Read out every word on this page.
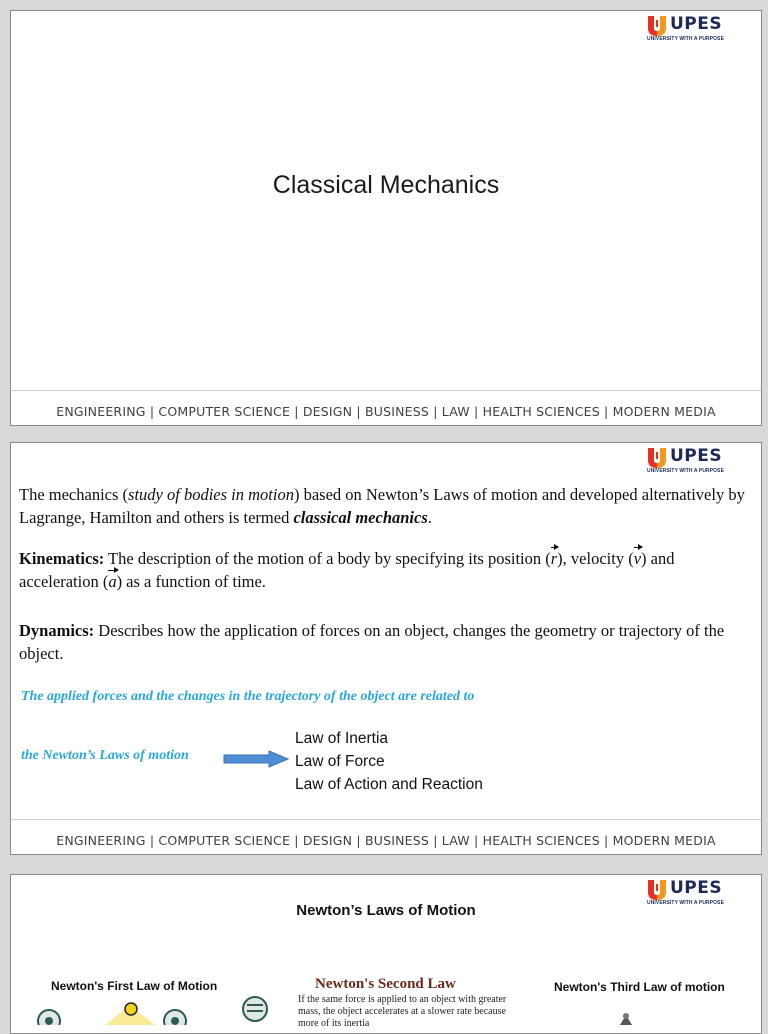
UPES
UNIVERSITY WITH A PURPOSE
Classical Mechanics
ENGINEERING | COMPUTER SCIENCE | DESIGN | BUSINESS | LAW | HEALTH SCIENCES | MODERN MEDIA
UPES
UNIVERSITY WITH A PURPOSE
The mechanics (study of bodies in motion) based on Newton’s Laws of motion and developed alternatively by Lagrange, Hamilton and others is termed classical mechanics.
Kinematics: The description of the motion of a body by specifying its position (r), velocity (v) and acceleration (a) as a function of time.
Dynamics: Describes how the application of forces on an object, changes the geometry or trajectory of the object.
The applied forces and the changes in the trajectory of the object are related to
the Newton’s Laws of motion
Law of Inertia
Law of Force
Law of Action and Reaction
ENGINEERING | COMPUTER SCIENCE | DESIGN | BUSINESS | LAW | HEALTH SCIENCES | MODERN MEDIA
UPES
UNIVERSITY WITH A PURPOSE
Newton’s Laws of Motion
Newton's First Law of Motion	Newton's Second Law
If the same force is applied to an object with greater mass, the object accelerates at a slower rate because more of its inertia
Newton's Third Law of motion
